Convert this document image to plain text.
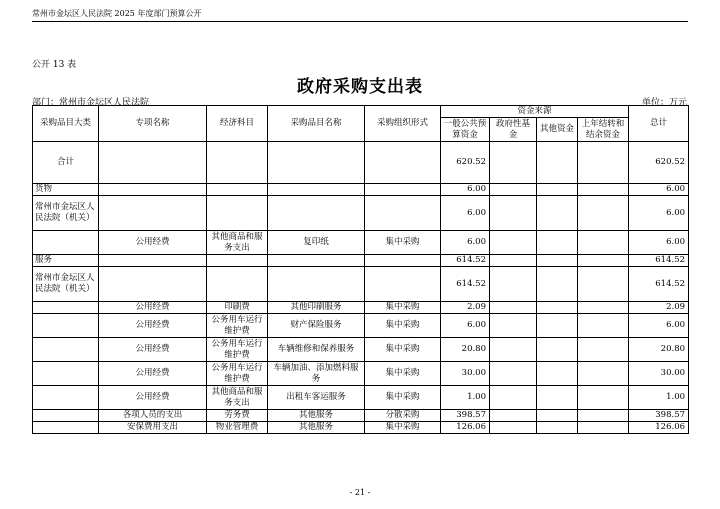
常州市金坛区人民法院 2025 年度部门预算公开
公开 13 表
政府采购支出表
部门：常州市金坛区人民法院	单位：万元
采购品目大类	专项名称	经济科目	采购品目名称	采购组织形式	资金来源				总计
					一般公共预算资金	政府性基金	其他资金	上年结转和结余资金	
合计					620.52				620.52
货物					6.00				6.00
常州市金坛区人民法院（机关）					6.00				6.00
	公用经费	其他商品和服务支出	复印纸	集中采购	6.00				6.00
服务					614.52				614.52
常州市金坛区人民法院（机关）					614.52				614.52
	公用经费	印刷费	其他印刷服务	集中采购	2.09				2.09
	公用经费	公务用车运行维护费	财产保险服务	集中采购	6.00				6.00
	公用经费	公务用车运行维护费	车辆维修和保养服务	集中采购	20.80				20.80
	公用经费	公务用车运行维护费	车辆加油、添加燃料服务	集中采购	30.00				30.00
	公用经费	其他商品和服务支出	出租车客运服务	集中采购	1.00				1.00
	各项人员的支出	劳务费	其他服务	分散采购	398.57				398.57
	安保费用支出	物业管理费	其他服务	集中采购	126.06				126.06
- 21 -
